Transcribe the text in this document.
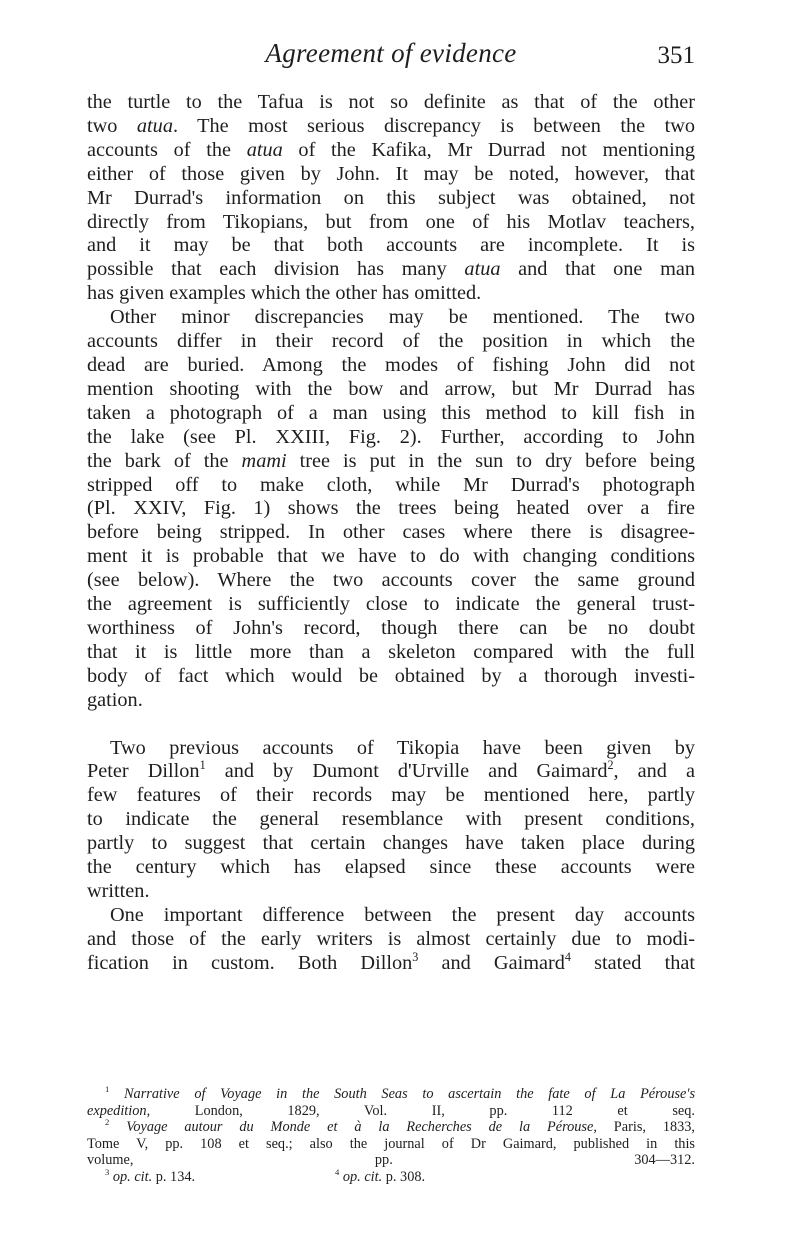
Agreement of evidence	351
the turtle to the Tafua is not so definite as that of the other
two atua. The most serious discrepancy is between the two
accounts of the atua of the Kafika, Mr Durrad not mentioning
either of those given by John. It may be noted, however, that
Mr Durrad's information on this subject was obtained, not
directly from Tikopians, but from one of his Motlav teachers,
and it may be that both accounts are incomplete. It is
possible that each division has many atua and that one man
has given examples which the other has omitted.
Other minor discrepancies may be mentioned. The two
accounts differ in their record of the position in which the
dead are buried. Among the modes of fishing John did not
mention shooting with the bow and arrow, but Mr Durrad has
taken a photograph of a man using this method to kill fish in
the lake (see Pl. XXIII, Fig. 2). Further, according to John
the bark of the mami tree is put in the sun to dry before being
stripped off to make cloth, while Mr Durrad's photograph
(Pl. XXIV, Fig. 1) shows the trees being heated over a fire
before being stripped. In other cases where there is disagree-
ment it is probable that we have to do with changing conditions
(see below). Where the two accounts cover the same ground
the agreement is sufficiently close to indicate the general trust-
worthiness of John's record, though there can be no doubt
that it is little more than a skeleton compared with the full
body of fact which would be obtained by a thorough investi-
gation.
Two previous accounts of Tikopia have been given by
Peter Dillon$^1$ and by Dumont d'Urville and Gaimard$^2$, and a
few features of their records may be mentioned here, partly
to indicate the general resemblance with present conditions,
partly to suggest that certain changes have taken place during
the century which has elapsed since these accounts were
written.
One important difference between the present day accounts
and those of the early writers is almost certainly due to modi-
fication in custom. Both Dillon$^3$ and Gaimard$^4$ stated that
$^1$ Narrative of Voyage in the South Seas to ascertain the fate of La Pérouse's
expedition, London, 1829, Vol. II, pp. 112 et seq.
$^2$ Voyage autour du Monde et à la Recherches de la Pérouse, Paris, 1833,
Tome V, pp. 108 et seq.; also the journal of Dr Gaimard, published in this
volume, pp. 304—312.
$^3$ op. cit. p. 134.	$^4$ op. cit. p. 308.
